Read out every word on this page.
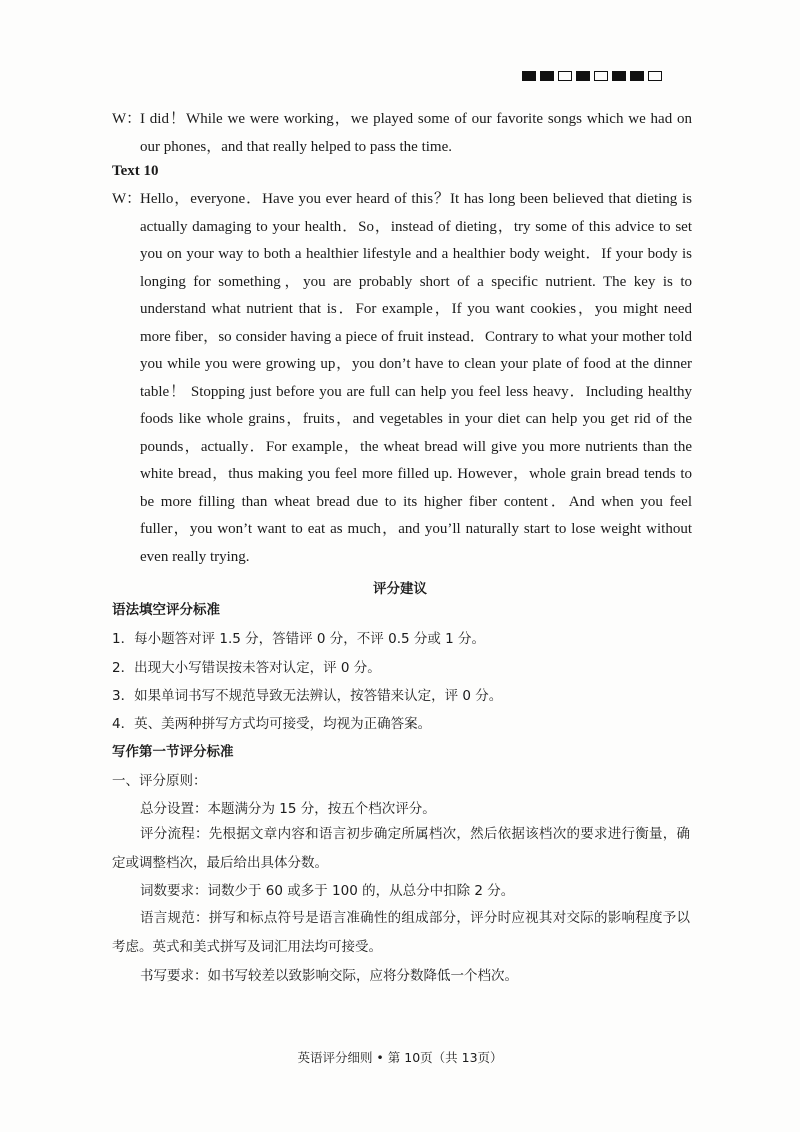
W：
I did！While we were working，we played some of our favorite songs which we had on our phones，and that really helped to pass the time.
Text 10
W：
Hello，everyone．Have you ever heard of this？It has long been believed that dieting is actually damaging to your health．So，instead of dieting，try some of this advice to set you on your way to both a healthier lifestyle and a healthier body weight．If your body is longing for something，you are probably short of a specific nutrient. The key is to understand what nutrient that is．For example，If you want cookies，you might need more fiber，so consider having a piece of fruit instead．Contrary to what your mother told you while you were growing up，you don’t have to clean your plate of food at the dinner table！ Stopping just before you are full can help you feel less heavy．Including healthy foods like whole grains，fruits，and vegetables in your diet can help you get rid of the pounds，actually．For example，the wheat bread will give you more nutrients than the white bread，thus making you feel more filled up. However，whole grain bread tends to be more filling than wheat bread due to its higher fiber content．And when you feel fuller，you won’t want to eat as much，and you’ll naturally start to lose weight without even really trying.
评分建议
语法填空评分标准
1．每小题答对评 1.5 分，答错评 0 分，不评 0.5 分或 1 分。
2．出现大小写错误按未答对认定，评 0 分。
3．如果单词书写不规范导致无法辨认，按答错来认定，评 0 分。
4．英、美两种拼写方式均可接受，均视为正确答案。
写作第一节评分标准
一、评分原则：
总分设置：本题满分为 15 分，按五个档次评分。
评分流程：先根据文章内容和语言初步确定所属档次，然后依据该档次的要求进行衡量，确定或调整档次，最后给出具体分数。
词数要求：词数少于 60 或多于 100 的，从总分中扣除 2 分。
语言规范：拼写和标点符号是语言准确性的组成部分，评分时应视其对交际的影响程度予以考虑。英式和美式拼写及词汇用法均可接受。
书写要求：如书写较差以致影响交际，应将分数降低一个档次。
英语评分细则 • 第 10页（共 13页）
